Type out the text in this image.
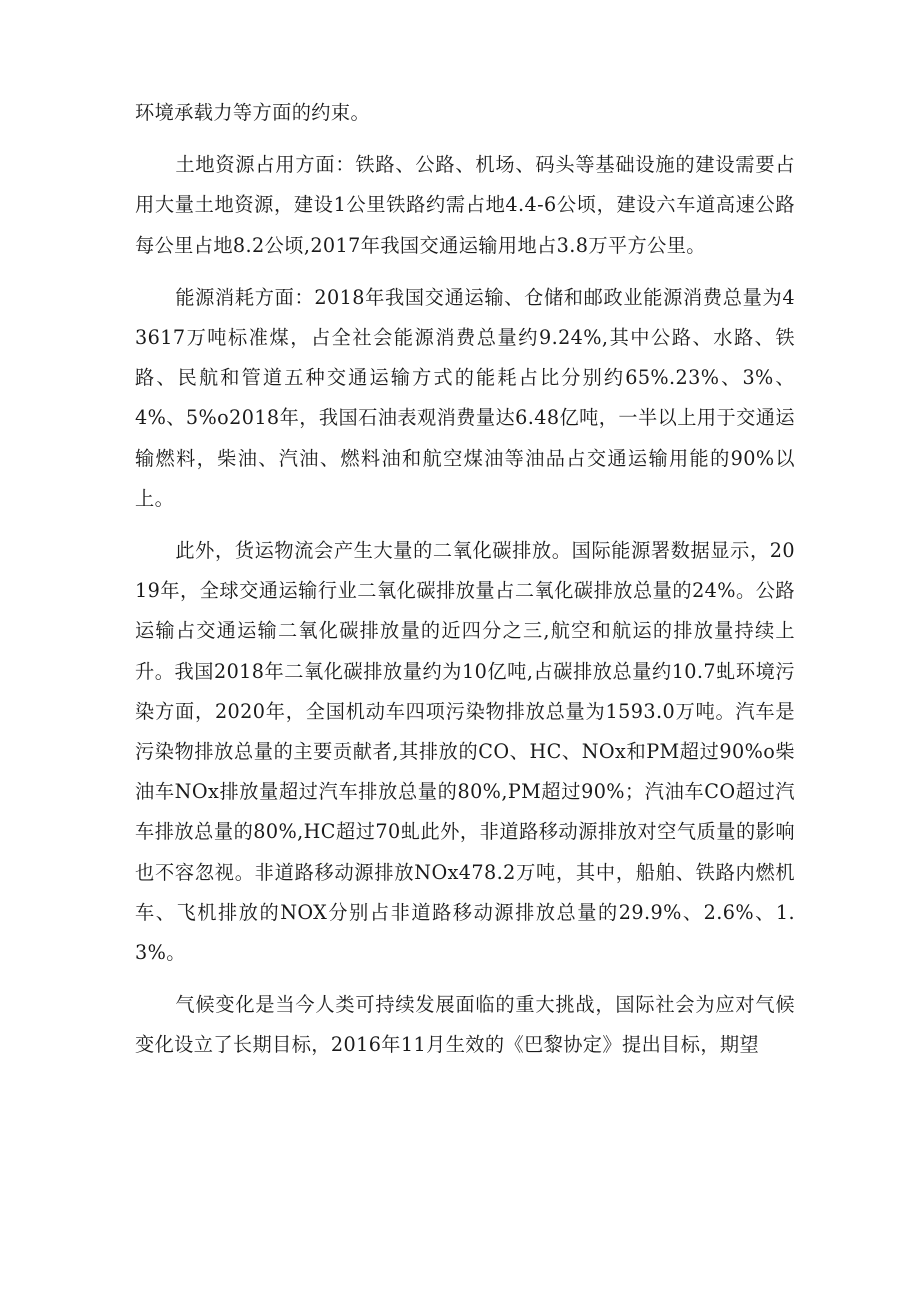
环境承载力等方面的约束。

土地资源占用方面：铁路、公路、机场、码头等基础设施的建设需要占用大量土地资源，建设1公里铁路约需占地4.4-6公顷，建设六车道高速公路每公里占地8.2公顷,2017年我国交通运输用地占3.8万平方公里。

能源消耗方面：2018年我国交通运输、仓储和邮政业能源消费总量为43617万吨标准煤，占全社会能源消费总量约9.24%,其中公路、水路、铁路、民航和管道五种交通运输方式的能耗占比分别约65%.23%、3%、4%、5%o2018年，我国石油表观消费量达6.48亿吨，一半以上用于交通运输燃料，柴油、汽油、燃料油和航空煤油等油品占交通运输用能的90%以上。

此外，货运物流会产生大量的二氧化碳排放。国际能源署数据显示，2019年，全球交通运输行业二氧化碳排放量占二氧化碳排放总量的24%。公路运输占交通运输二氧化碳排放量的近四分之三,航空和航运的排放量持续上升。我国2018年二氧化碳排放量约为10亿吨,占碳排放总量约10.7虬环境污染方面，2020年，全国机动车四项污染物排放总量为1593.0万吨。汽车是污染物排放总量的主要贡献者,其排放的CO、HC、NOx和PM超过90%o柴油车NOx排放量超过汽车排放总量的80%,PM超过90%；汽油车CO超过汽车排放总量的80%,HC超过70虬此外，非道路移动源排放对空气质量的影响也不容忽视。非道路移动源排放NOx478.2万吨，其中，船舶、铁路内燃机车、飞机排放的NOX分别占非道路移动源排放总量的29.9%、2.6%、1.3%。

气候变化是当今人类可持续发展面临的重大挑战，国际社会为应对气候变化设立了长期目标，2016年11月生效的《巴黎协定》提出目标，期望
